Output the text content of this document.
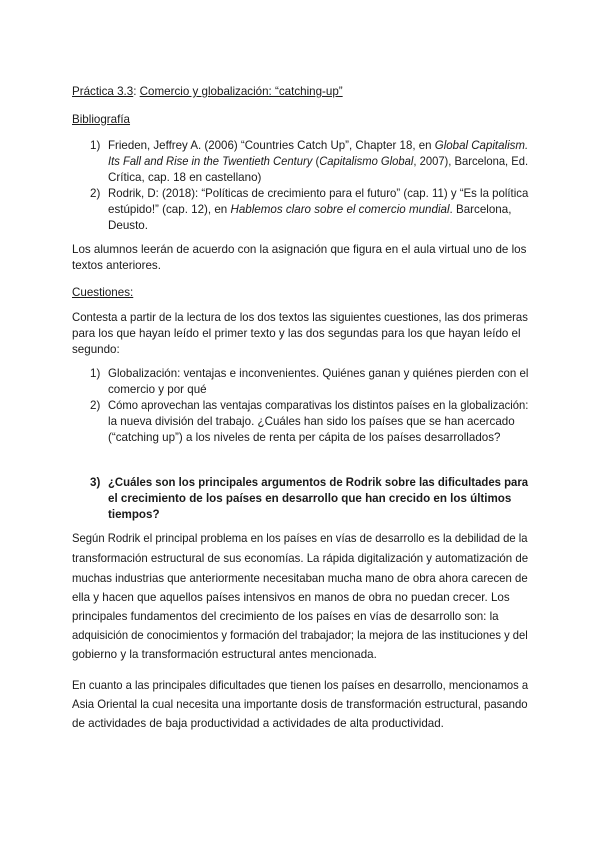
Práctica 3.3: Comercio y globalización: “catching-up”
Bibliografía
1) Frieden, Jeffrey A. (2006) “Countries Catch Up”, Chapter 18, en Global Capitalism.
Its Fall and Rise in the Twentieth Century (Capitalismo Global, 2007), Barcelona, Ed.
Crítica, cap. 18 en castellano)
2) Rodrik, D: (2018): “Políticas de crecimiento para el futuro” (cap. 11) y “Es la política
estúpido!” (cap. 12), en Hablemos claro sobre el comercio mundial. Barcelona,
Deusto.
Los alumnos leerán de acuerdo con la asignación que figura en el aula virtual uno de los
textos anteriores.
Cuestiones:
Contesta a partir de la lectura de los dos textos las siguientes cuestiones, las dos primeras
para los que hayan leído el primer texto y las dos segundas para los que hayan leído el
segundo:
1) Globalización: ventajas e inconvenientes. Quiénes ganan y quiénes pierden con el
comercio y por qué
2) Cómo aprovechan las ventajas comparativas los distintos países en la globalización:
la nueva división del trabajo. ¿Cuáles han sido los países que se han acercado
(“catching up”) a los niveles de renta per cápita de los países desarrollados?
3) ¿Cuáles son los principales argumentos de Rodrik sobre las dificultades para
el crecimiento de los países en desarrollo que han crecido en los últimos
tiempos?
Según Rodrik el principal problema en los países en vías de desarrollo es la debilidad de la
transformación estructural de sus economías. La rápida digitalización y automatización de
muchas industrias que anteriormente necesitaban mucha mano de obra ahora carecen de
ella y hacen que aquellos países intensivos en manos de obra no puedan crecer. Los
principales fundamentos del crecimiento de los países en vías de desarrollo son: la
adquisición de conocimientos y formación del trabajador; la mejora de las instituciones y del
gobierno y la transformación estructural antes mencionada.
En cuanto a las principales dificultades que tienen los países en desarrollo, mencionamos a
Asia Oriental la cual necesita una importante dosis de transformación estructural, pasando
de actividades de baja productividad a actividades de alta productividad.
